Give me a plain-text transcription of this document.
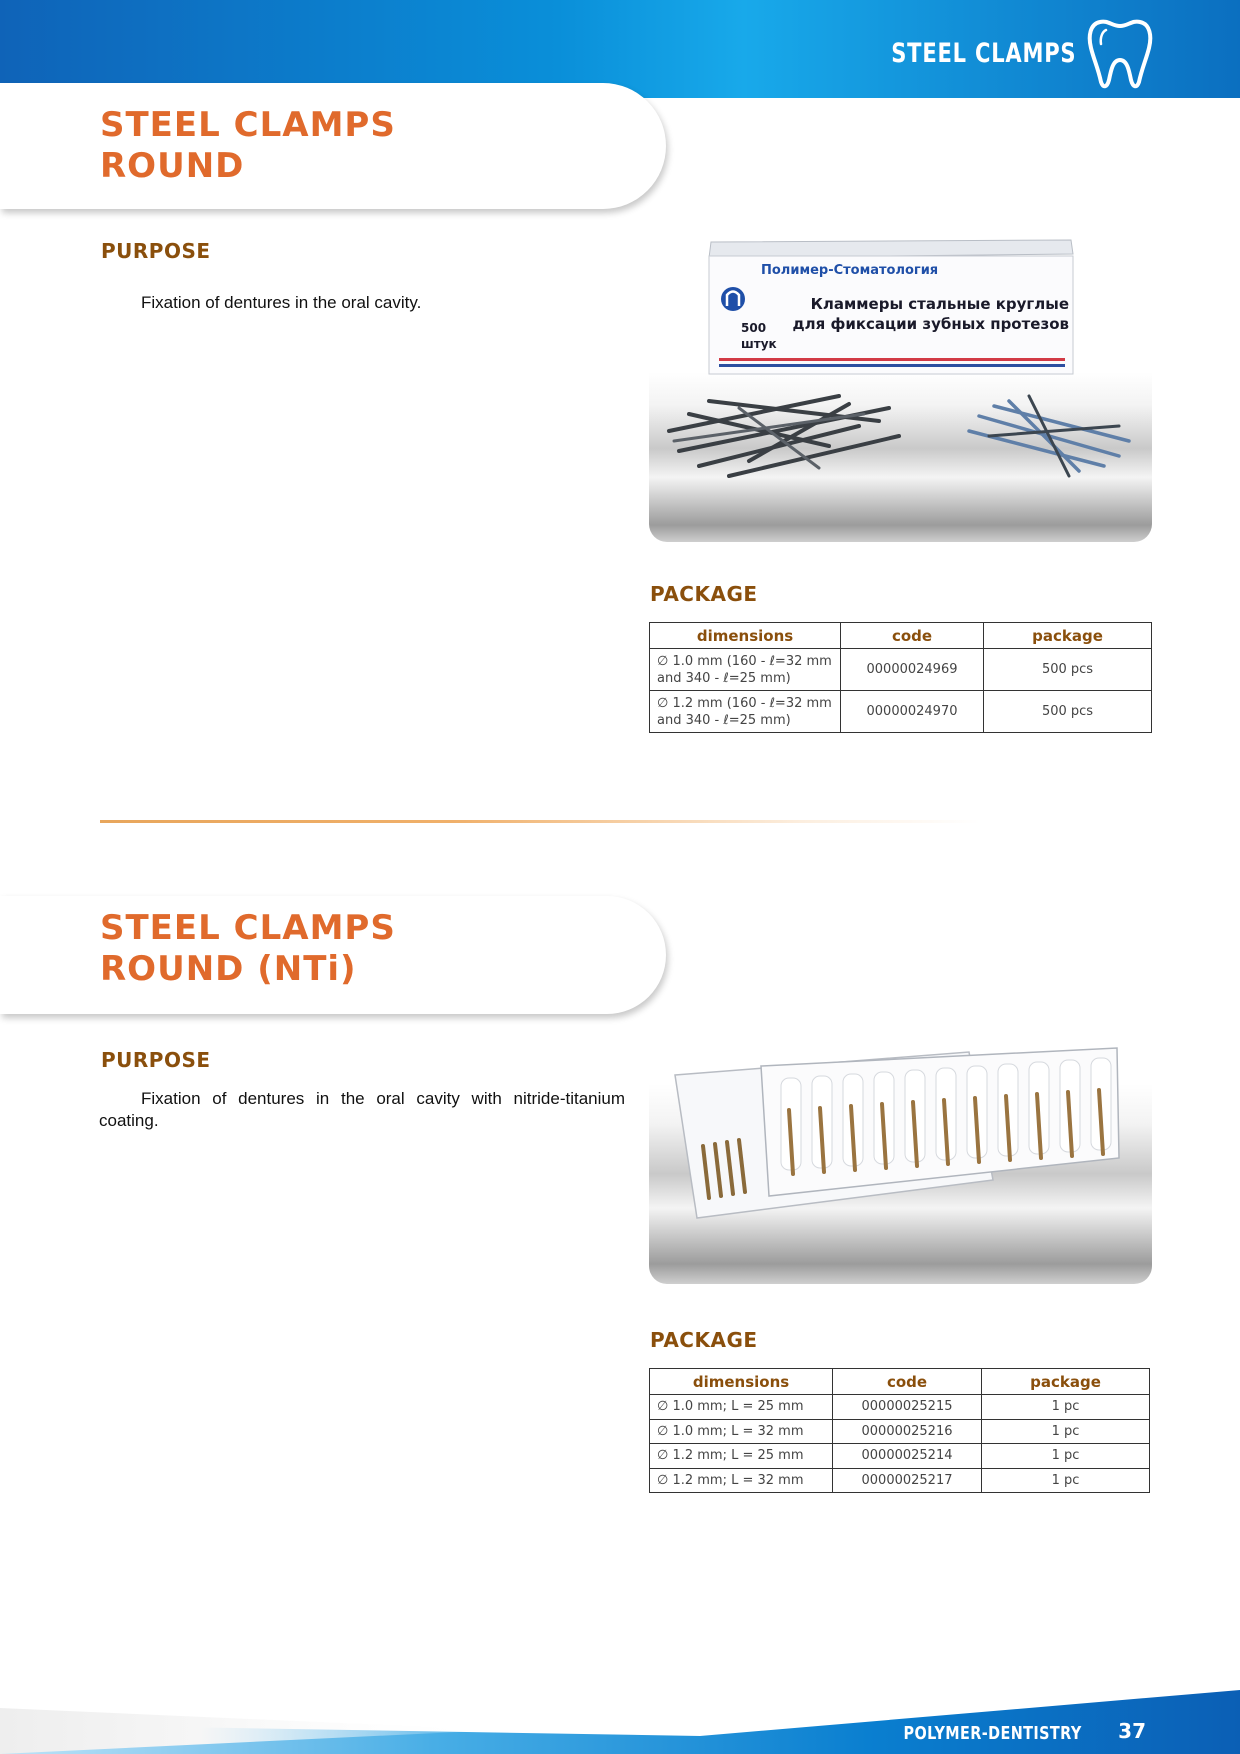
STEEL CLAMPS
STEEL CLAMPS
ROUND
PURPOSE
Fixation of dentures in the oral cavity.
Полимер-Стоматология
Кламмеры стальные круглые
для фиксации зубных протезов
500
штук
PACKAGE
dimensions	code	package

∅ 1.0 mm (160 - ℓ=32 mm
and 340 - ℓ=25 mm)	00000024969	500 pcs

∅ 1.2 mm (160 - ℓ=32 mm
and 340 - ℓ=25 mm)	00000024970	500 pcs
STEEL CLAMPS
ROUND (NTi)
PURPOSE
Fixation of dentures in the oral cavity with nitride-titanium coating.
PACKAGE
dimensions	code	package
∅ 1.0 mm; L = 25 mm	00000025215	1 pc
∅ 1.0 mm; L = 32 mm	00000025216	1 pc
∅ 1.2 mm; L = 25 mm	00000025214	1 pc
∅ 1.2 mm; L = 32 mm	00000025217	1 pc
POLYMER-DENTISTRY 37
